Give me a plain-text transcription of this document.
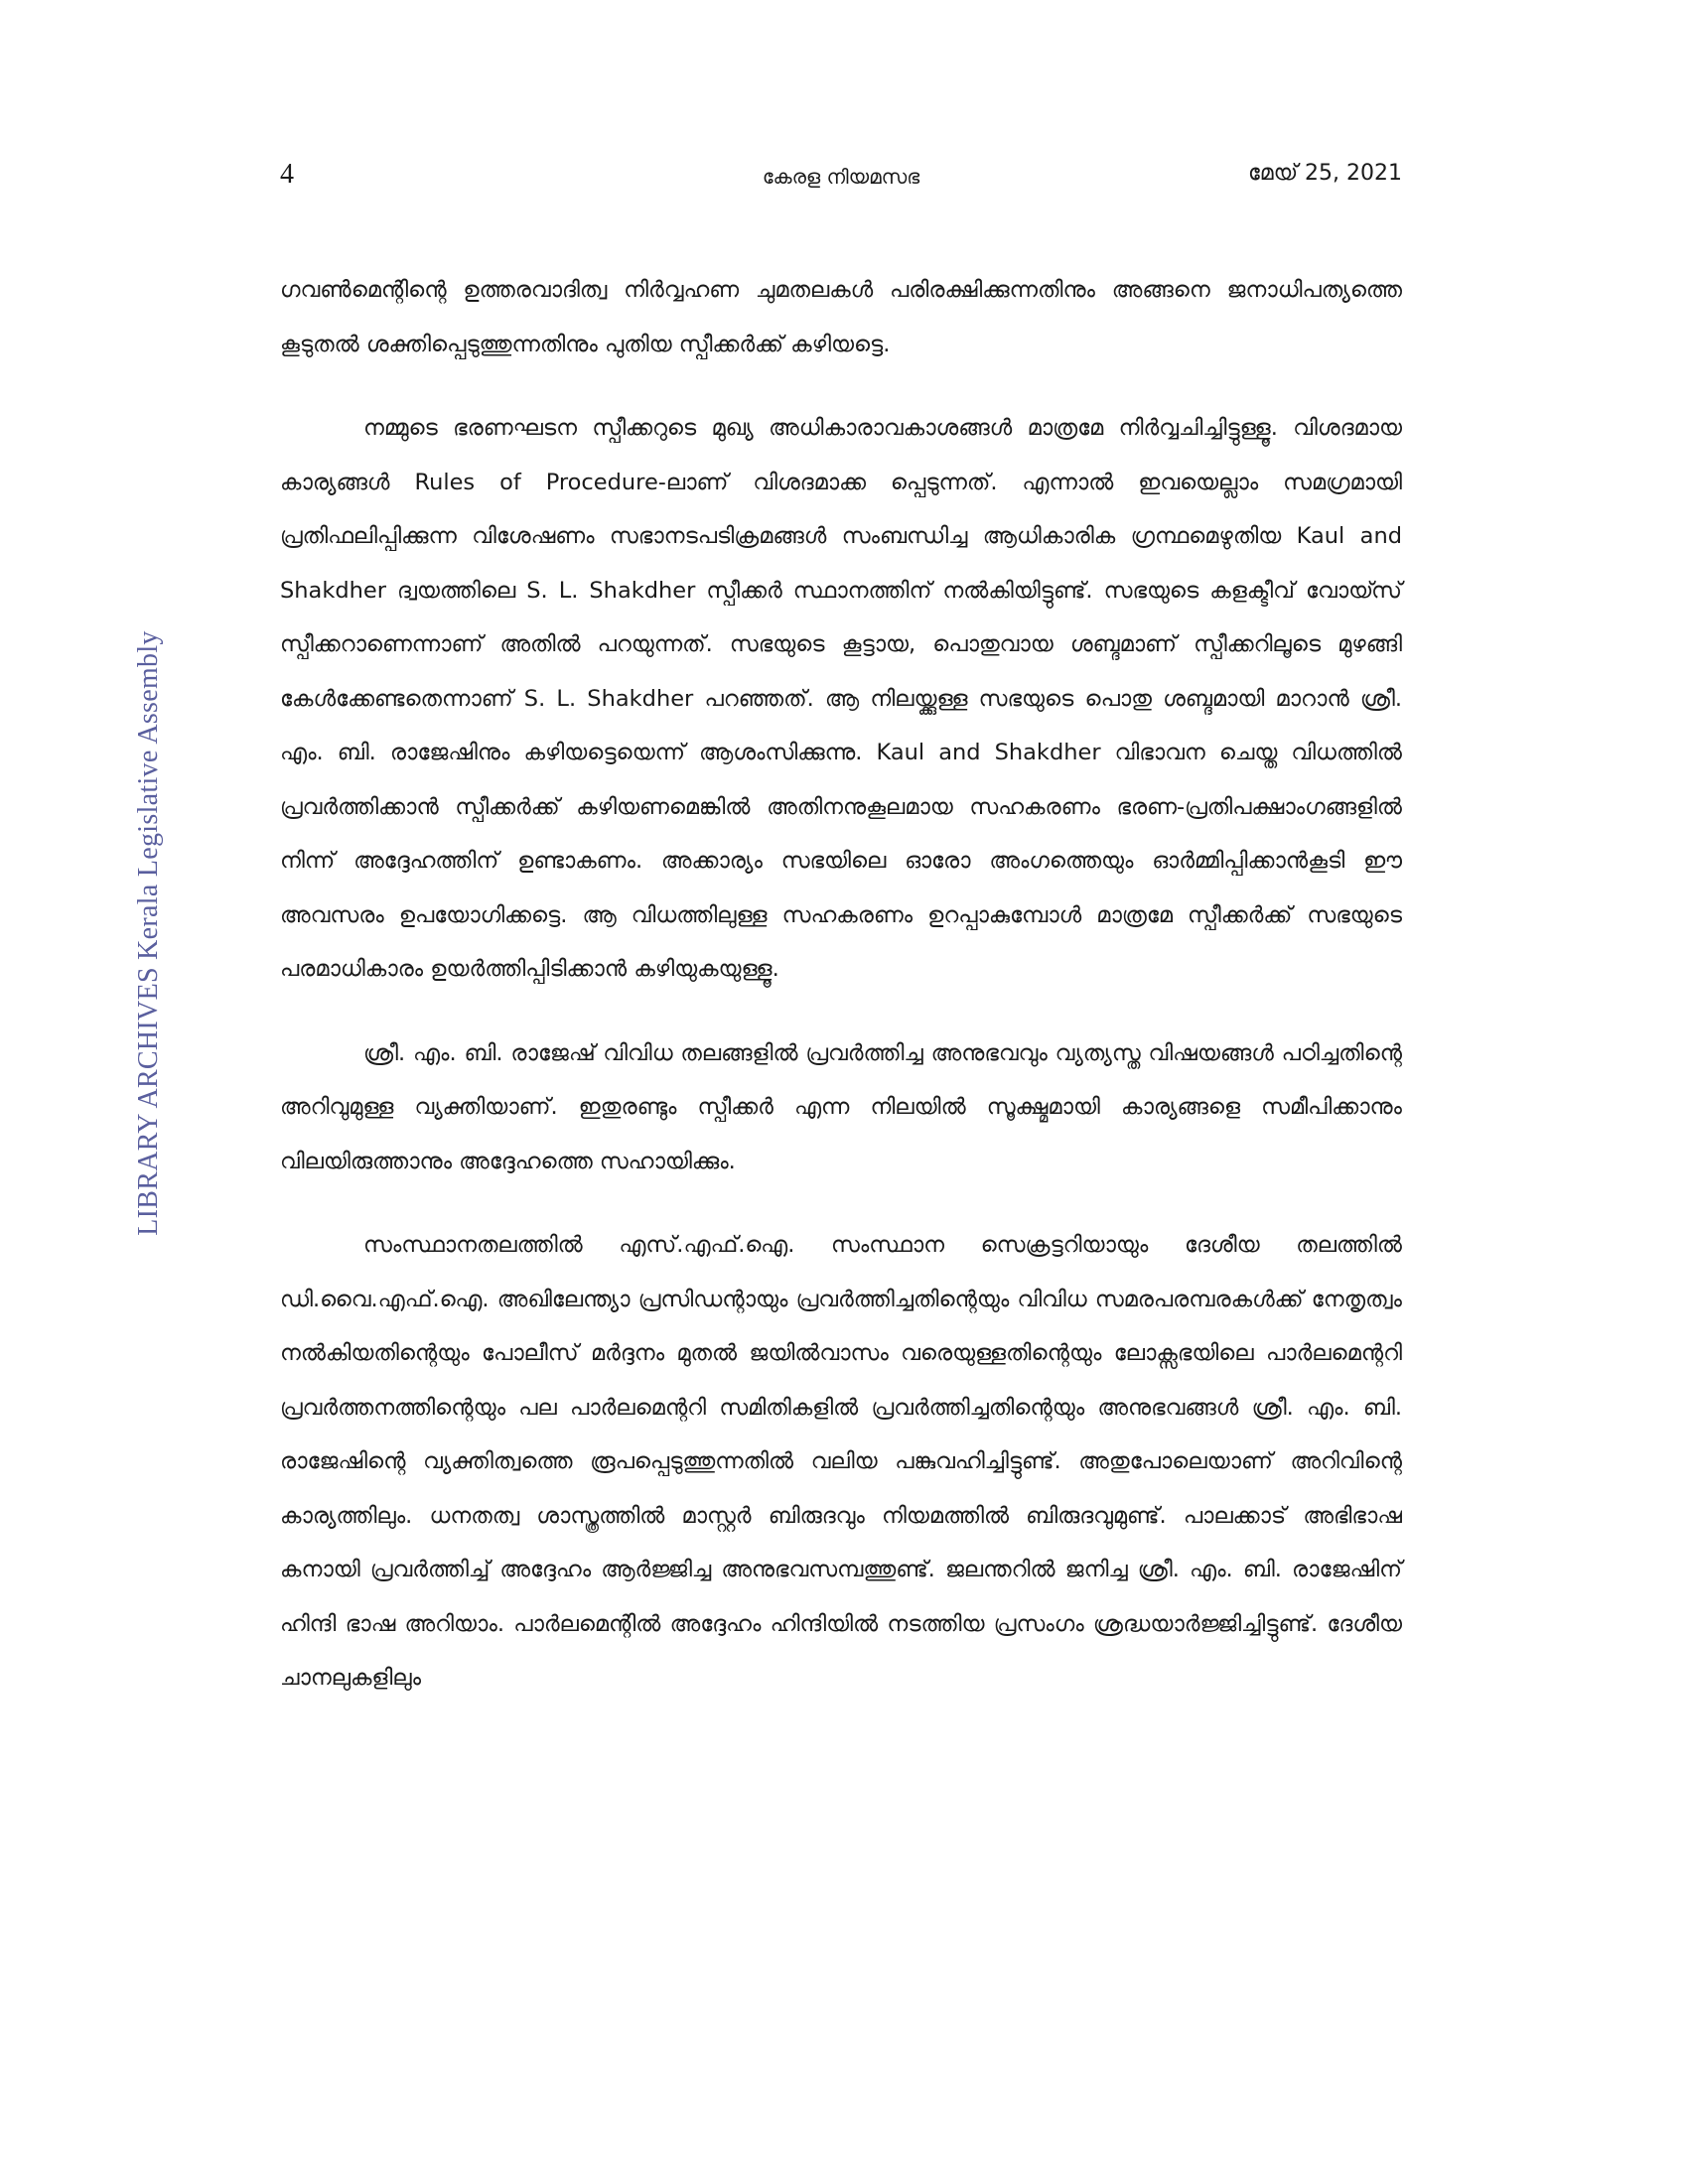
4	കേരള നിയമസഭ	മേയ് 25, 2021
LIBRARY ARCHIVES Kerala Legislative Assembly

ഗവൺമെന്റിന്റെ ഉത്തരവാദിത്വ നിർവ്വഹണ ചുമതലകൾ പരിരക്ഷിക്കുന്നതിനും അങ്ങനെ ജനാധിപത്യത്തെ കൂടുതൽ ശക്തിപ്പെടുത്തുന്നതിനും പുതിയ സ്പീക്കർക്ക് കഴിയട്ടെ.

നമ്മുടെ ഭരണഘടന സ്പീക്കറുടെ മുഖ്യ അധികാരാവകാശങ്ങൾ മാത്രമേ നിർവ്വചിച്ചിട്ടുള്ളൂ. വിശദമായ കാര്യങ്ങൾ Rules of Procedure-ലാണ് വിശദമാക്ക പ്പെടുന്നത്. എന്നാൽ ഇവയെല്ലാം സമഗ്രമായി പ്രതിഫലിപ്പിക്കുന്ന വിശേഷണം സഭാനടപടിക്രമങ്ങൾ സംബന്ധിച്ച ആധികാരിക ഗ്രന്ഥമെഴുതിയ Kaul and Shakdher ദ്വയത്തിലെ S. L. Shakdher സ്പീക്കർ സ്ഥാനത്തിന് നൽകിയിട്ടുണ്ട്. സഭയുടെ കളക്ടീവ് വോയ്സ് സ്പീക്കറാണെന്നാണ് അതിൽ പറയുന്നത്. സഭയുടെ കൂട്ടായ, പൊതുവായ ശബ്ദമാണ് സ്പീക്കറിലൂടെ മുഴങ്ങി കേൾക്കേണ്ടതെന്നാണ് S. L. Shakdher പറഞ്ഞത്. ആ നിലയ്ക്കുള്ള സഭയുടെ പൊതു ശബ്ദമായി മാറാൻ ശ്രീ. എം. ബി. രാജേഷിനും കഴിയട്ടെയെന്ന് ആശംസിക്കുന്നു. Kaul and Shakdher വിഭാവന ചെയ്ത വിധത്തിൽ പ്രവർത്തിക്കാൻ സ്പീക്കർക്ക് കഴിയണമെങ്കിൽ അതിനനുകൂലമായ സഹകരണം ഭരണ-പ്രതിപക്ഷാംഗങ്ങളിൽ നിന്ന് അദ്ദേഹത്തിന് ഉണ്ടാകണം. അക്കാര്യം സഭയിലെ ഓരോ അംഗത്തെയും ഓർമ്മിപ്പിക്കാൻകൂടി ഈ അവസരം ഉപയോഗിക്കട്ടെ. ആ വിധത്തിലുള്ള സഹകരണം ഉറപ്പാകുമ്പോൾ മാത്രമേ സ്പീക്കർക്ക് സഭയുടെ പരമാധികാരം ഉയർത്തിപ്പിടിക്കാൻ കഴിയുകയുള്ളൂ.

ശ്രീ. എം. ബി. രാജേഷ് വിവിധ തലങ്ങളിൽ പ്രവർത്തിച്ച അനുഭവവും വ്യത്യസ്ത വിഷയങ്ങൾ പഠിച്ചതിന്റെ അറിവുമുള്ള വ്യക്തിയാണ്. ഇതുരണ്ടും സ്പീക്കർ എന്ന നിലയിൽ സൂക്ഷ്മമായി കാര്യങ്ങളെ സമീപിക്കാനും വിലയിരുത്താനും അദ്ദേഹത്തെ സഹായിക്കും.

സംസ്ഥാനതലത്തിൽ എസ്.എഫ്.ഐ. സംസ്ഥാന സെക്രട്ടറിയായും ദേശീയ തലത്തിൽ ഡി.വൈ.എഫ്.ഐ. അഖിലേന്ത്യാ പ്രസിഡന്റായും പ്രവർത്തിച്ചതിന്റെയും വിവിധ സമരപരമ്പരകൾക്ക് നേതൃത്വം നൽകിയതിന്റെയും പോലീസ് മർദ്ദനം മുതൽ ജയിൽവാസം വരെയുള്ളതിന്റെയും ലോക്സഭയിലെ പാർലമെന്ററി പ്രവർത്തനത്തിന്റെയും പല പാർലമെന്ററി സമിതികളിൽ പ്രവർത്തിച്ചതിന്റെയും അനുഭവങ്ങൾ ശ്രീ. എം. ബി. രാജേഷിന്റെ വ്യക്തിത്വത്തെ രൂപപ്പെടുത്തുന്നതിൽ വലിയ പങ്കുവഹിച്ചിട്ടുണ്ട്. അതുപോലെയാണ് അറിവിന്റെ കാര്യത്തിലും. ധനതത്വ ശാസ്ത്രത്തിൽ മാസ്റ്റർ ബിരുദവും നിയമത്തിൽ ബിരുദവുമുണ്ട്. പാലക്കാട് അഭിഭാഷ കനായി പ്രവർത്തിച്ച് അദ്ദേഹം ആർജ്ജിച്ച അനുഭവസമ്പത്തുണ്ട്. ജലന്തറിൽ ജനിച്ച ശ്രീ. എം. ബി. രാജേഷിന് ഹിന്ദി ഭാഷ അറിയാം. പാർലമെന്റിൽ അദ്ദേഹം ഹിന്ദിയിൽ നടത്തിയ പ്രസംഗം ശ്രദ്ധയാർജ്ജിച്ചിട്ടുണ്ട്. ദേശീയ ചാനലുകളിലും
